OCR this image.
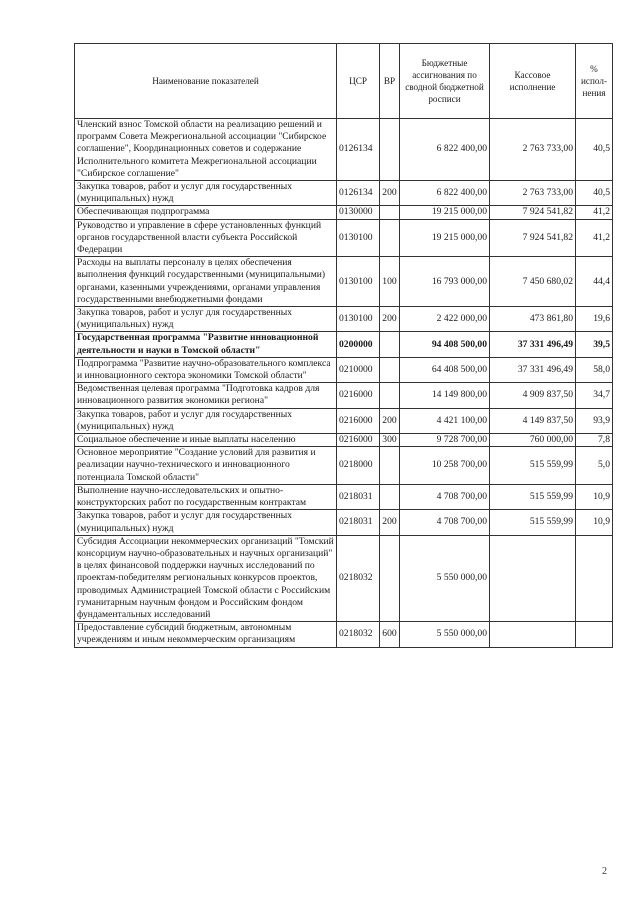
Наименование показателей	ЦСР	ВР	Бюджетные ассигнования по сводной бюджетной росписи	Кассовое исполнение	% испол-нения
Членский взнос Томской области на реализацию решений и программ Совета Межрегиональной ассоциации "Сибирское соглашение", Координационных советов и содержание Исполнительного комитета Межрегиональной ассоциации "Сибирское соглашение"	0126134		6 822 400,00	2 763 733,00	40,5
Закупка товаров, работ и услуг для государственных (муниципальных) нужд	0126134	200	6 822 400,00	2 763 733,00	40,5
Обеспечивающая подпрограмма	0130000		19 215 000,00	7 924 541,82	41,2
Руководство и управление в сфере установленных функций органов государственной власти субъекта Российской Федерации	0130100		19 215 000,00	7 924 541,82	41,2
Расходы на выплаты персоналу в целях обеспечения выполнения функций государственными (муниципальными) органами, казенными учреждениями, органами управления государственными внебюджетными фондами	0130100	100	16 793 000,00	7 450 680,02	44,4
Закупка товаров, работ и услуг для государственных (муниципальных) нужд	0130100	200	2 422 000,00	473 861,80	19,6
Государственная программа "Развитие инновационной деятельности и науки в Томской области"	0200000		94 408 500,00	37 331 496,49	39,5
Подпрограмма "Развитие научно-образовательного комплекса и инновационного сектора экономики Томской области"	0210000		64 408 500,00	37 331 496,49	58,0
Ведомственная целевая программа "Подготовка кадров для инновационного развития экономики региона"	0216000		14 149 800,00	4 909 837,50	34,7
Закупка товаров, работ и услуг для государственных (муниципальных) нужд	0216000	200	4 421 100,00	4 149 837,50	93,9
Социальное обеспечение и иные выплаты населению	0216000	300	9 728 700,00	760 000,00	7,8
Основное мероприятие "Создание условий для развития и реализации научно-технического и инновационного потенциала Томской области"	0218000		10 258 700,00	515 559,99	5,0
Выполнение научно-исследовательских и опытно-конструкторских работ по государственным контрактам	0218031		4 708 700,00	515 559,99	10,9
Закупка товаров, работ и услуг для государственных (муниципальных) нужд	0218031	200	4 708 700,00	515 559,99	10,9
Субсидия Ассоциации некоммерческих организаций "Томский консорциум научно-образовательных и научных организаций" в целях финансовой поддержки научных исследований по проектам-победителям региональных конкурсов проектов, проводимых Администрацией Томской области с Российским гуманитарным научным фондом и Российским фондом фундаментальных исследований	0218032		5 550 000,00		
Предоставление субсидий бюджетным, автономным учреждениям и иным некоммерческим организациям	0218032	600	5 550 000,00		
2
